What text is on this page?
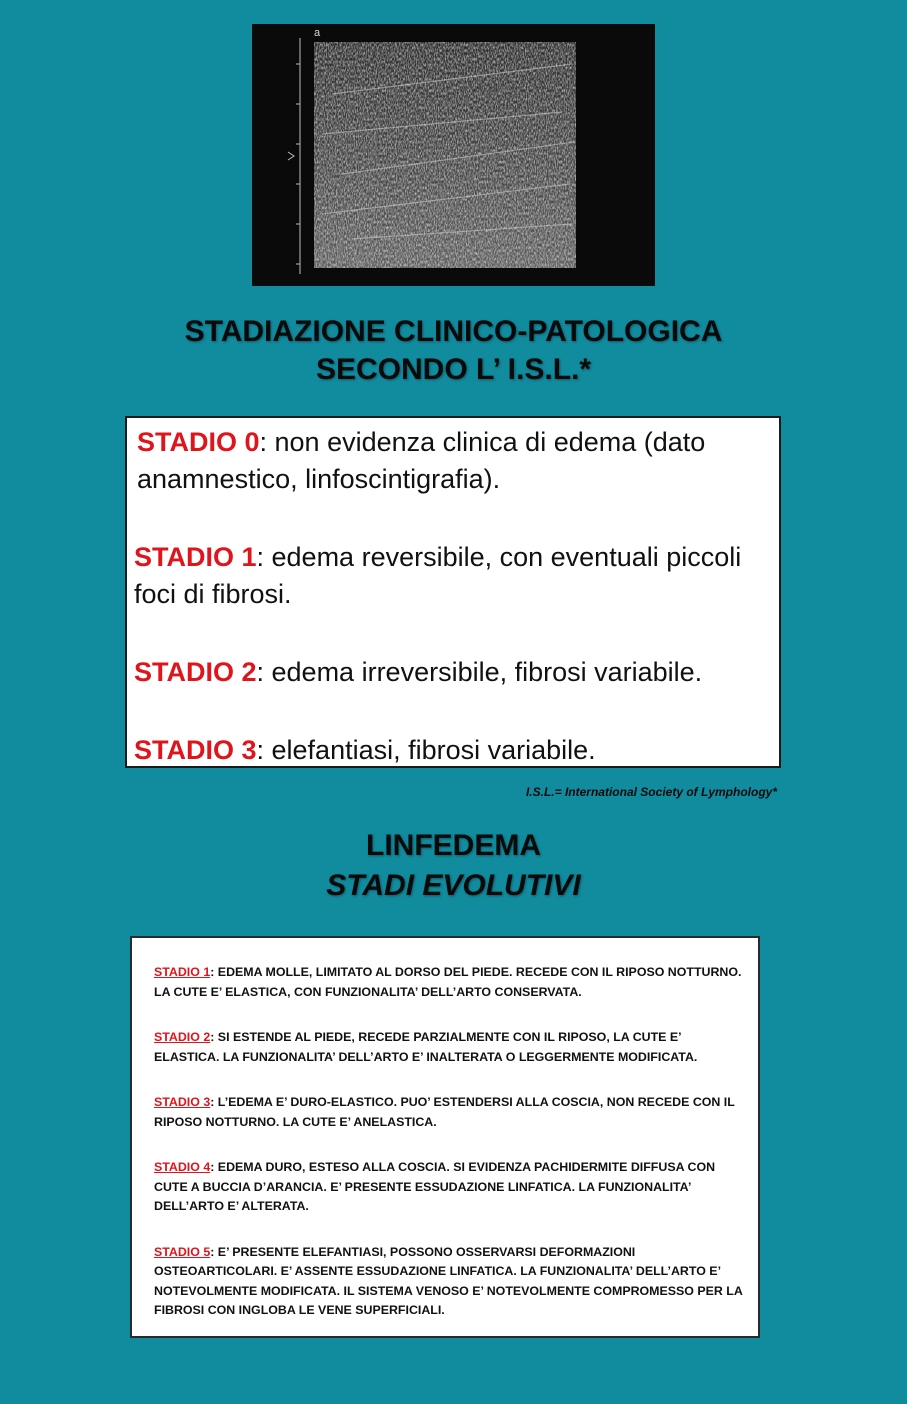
a
STADIAZIONE CLINICO-PATOLOGICA
SECONDO L’ I.S.L.*

STADIO 0: non evidenza clinica di edema (dato anamnestico, linfoscintigrafia).

STADIO 1: edema reversibile, con eventuali piccoli foci di fibrosi.

STADIO 2: edema irreversibile, fibrosi variabile.

STADIO 3: elefantiasi, fibrosi variabile.

I.S.L.= International Society of Lymphology*
LINFEDEMA
STADI EVOLUTIVI

STADIO 1: EDEMA MOLLE, LIMITATO AL DORSO DEL PIEDE. RECEDE CON IL RIPOSO NOTTURNO. LA CUTE E’ ELASTICA, CON FUNZIONALITA’ DELL’ARTO CONSERVATA.

STADIO 2: SI ESTENDE AL PIEDE, RECEDE PARZIALMENTE CON IL RIPOSO, LA CUTE E’ ELASTICA. LA FUNZIONALITA’ DELL’ARTO E’ INALTERATA O LEGGERMENTE MODIFICATA.

STADIO 3: L’EDEMA E’ DURO-ELASTICO. PUO’ ESTENDERSI ALLA COSCIA, NON RECEDE CON IL RIPOSO NOTTURNO. LA CUTE E’ ANELASTICA.

STADIO 4: EDEMA DURO, ESTESO ALLA COSCIA. SI EVIDENZA PACHIDERMITE DIFFUSA CON CUTE A BUCCIA D’ARANCIA. E’ PRESENTE ESSUDAZIONE LINFATICA. LA FUNZIONALITA’ DELL’ARTO E’ ALTERATA.

STADIO 5: E’ PRESENTE ELEFANTIASI, POSSONO OSSERVARSI DEFORMAZIONI OSTEOARTICOLARI. E’ ASSENTE ESSUDAZIONE LINFATICA. LA FUNZIONALITA’ DELL’ARTO E’ NOTEVOLMENTE MODIFICATA. IL SISTEMA VENOSO E’ NOTEVOLMENTE COMPROMESSO PER LA FIBROSI CON INGLOBA LE VENE SUPERFICIALI.
